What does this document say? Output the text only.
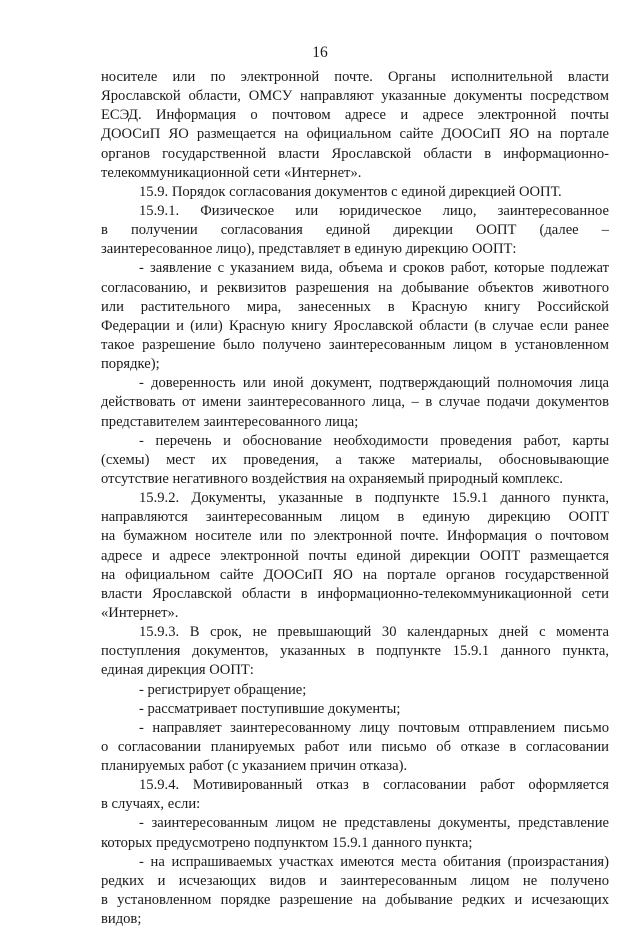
16
носителе или по электронной почте. Органы исполнительной власти
Ярославской области, ОМСУ направляют указанные документы посредством
ЕСЭД. Информация о почтовом адресе и адресе электронной почты
ДООСиП ЯО размещается на официальном сайте ДООСиП ЯО на портале
органов государственной власти Ярославской области в информационно-
телекоммуникационной сети «Интернет».
15.9. Порядок согласования документов с единой дирекцией ООПТ.
15.9.1. Физическое или юридическое лицо, заинтересованное
в получении согласования единой дирекции ООПТ (далее –
заинтересованное лицо), представляет в единую дирекцию ООПТ:
- заявление с указанием вида, объема и сроков работ, которые подлежат
согласованию, и реквизитов разрешения на добывание объектов животного
или растительного мира, занесенных в Красную книгу Российской
Федерации и (или) Красную книгу Ярославской области (в случае если ранее
такое разрешение было получено заинтересованным лицом в установленном
порядке);
- доверенность или иной документ, подтверждающий полномочия лица
действовать от имени заинтересованного лица, – в случае подачи документов
представителем заинтересованного лица;
- перечень и обоснование необходимости проведения работ, карты
(схемы) мест их проведения, а также материалы, обосновывающие
отсутствие негативного воздействия на охраняемый природный комплекс.
15.9.2. Документы, указанные в подпункте 15.9.1 данного пункта,
направляются заинтересованным лицом в единую дирекцию ООПТ
на бумажном носителе или по электронной почте. Информация о почтовом
адресе и адресе электронной почты единой дирекции ООПТ размещается
на официальном сайте ДООСиП ЯО на портале органов государственной
власти Ярославской области в информационно-телекоммуникационной сети
«Интернет».
15.9.3. В срок, не превышающий 30 календарных дней с момента
поступления документов, указанных в подпункте 15.9.1 данного пункта,
единая дирекция ООПТ:
- регистрирует обращение;
- рассматривает поступившие документы;
- направляет заинтересованному лицу почтовым отправлением письмо
о согласовании планируемых работ или письмо об отказе в согласовании
планируемых работ (с указанием причин отказа).
15.9.4. Мотивированный отказ в согласовании работ оформляется
в случаях, если:
- заинтересованным лицом не представлены документы, представление
которых предусмотрено подпунктом 15.9.1 данного пункта;
- на испрашиваемых участках имеются места обитания (произрастания)
редких и исчезающих видов и заинтересованным лицом не получено
в установленном порядке разрешение на добывание редких и исчезающих
видов;
